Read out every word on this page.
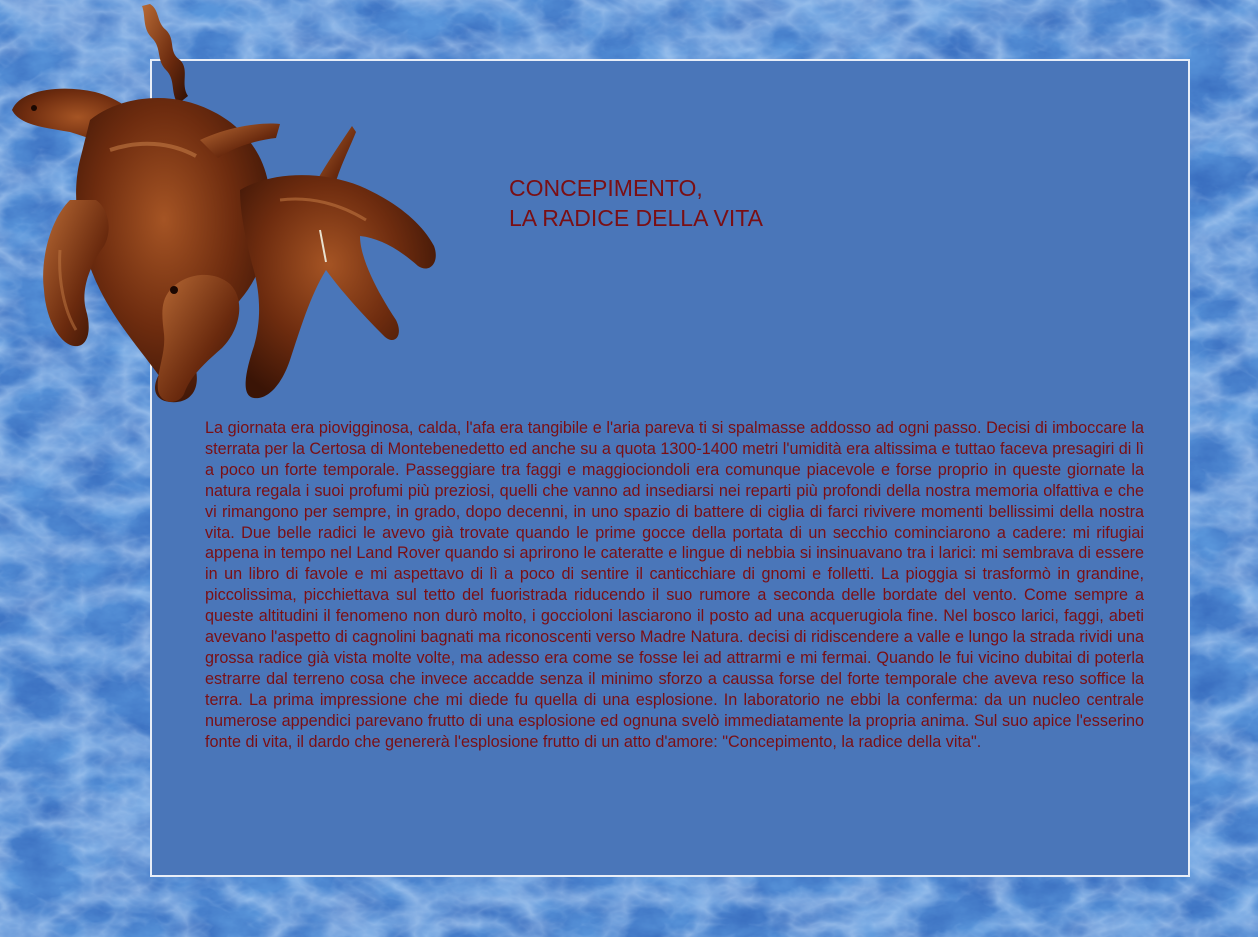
CONCEPIMENTO,
LA RADICE DELLA VITA

La giornata era piovigginosa, calda, l'afa era tangibile e l'aria pareva ti si spalmasse addosso ad ogni passo. Decisi di imboccare la sterrata per la Certosa di Montebenedetto ed anche su a quota 1300-1400 metri l'umidità era altissima e tuttao faceva presagiri di lì a poco un forte temporale. Passeggiare tra faggi e maggiociondoli era comunque piacevole e forse proprio in queste giornate la natura regala i suoi profumi più preziosi, quelli che vanno ad insediarsi nei reparti più profondi della nostra memoria olfattiva e che vi rimangono per sempre, in grado, dopo decenni, in uno spazio di battere di ciglia di farci rivivere momenti bellissimi della nostra vita. Due belle radici le avevo già trovate quando le prime gocce della portata di un secchio cominciarono a cadere: mi rifugiai appena in tempo nel Land Rover quando si aprirono le cateratte e lingue di nebbia si insinuavano tra i larici: mi sembrava di essere in un libro di favole e mi aspettavo di lì a poco di sentire il canticchiare di gnomi e folletti. La pioggia si trasformò in grandine, piccolissima, picchiettava sul tetto del fuoristrada riducendo il suo rumore a seconda delle bordate del vento. Come sempre a queste altitudini il fenomeno non durò molto, i goccioloni lasciarono il posto ad una acquerugiola fine. Nel bosco larici, faggi, abeti avevano l'aspetto di cagnolini bagnati ma riconoscenti verso Madre Natura. decisi di ridiscendere a valle e lungo la strada rividi una grossa radice già vista molte volte, ma adesso era come se fosse lei ad attrarmi e mi fermai. Quando le fui vicino dubitai di poterla estrarre dal terreno cosa che invece accadde senza il minimo sforzo a caussa forse del forte temporale che aveva reso soffice la terra. La prima impressione che mi diede fu quella di una esplosione. In laboratorio ne ebbi la conferma: da un nucleo centrale numerose appendici parevano frutto di una esplosione ed ognuna svelò immediatamente la propria anima. Sul suo apice l'esserino fonte di vita, il dardo che genererà l'esplosione frutto di un atto d'amore: "Concepimento, la radice della vita".
